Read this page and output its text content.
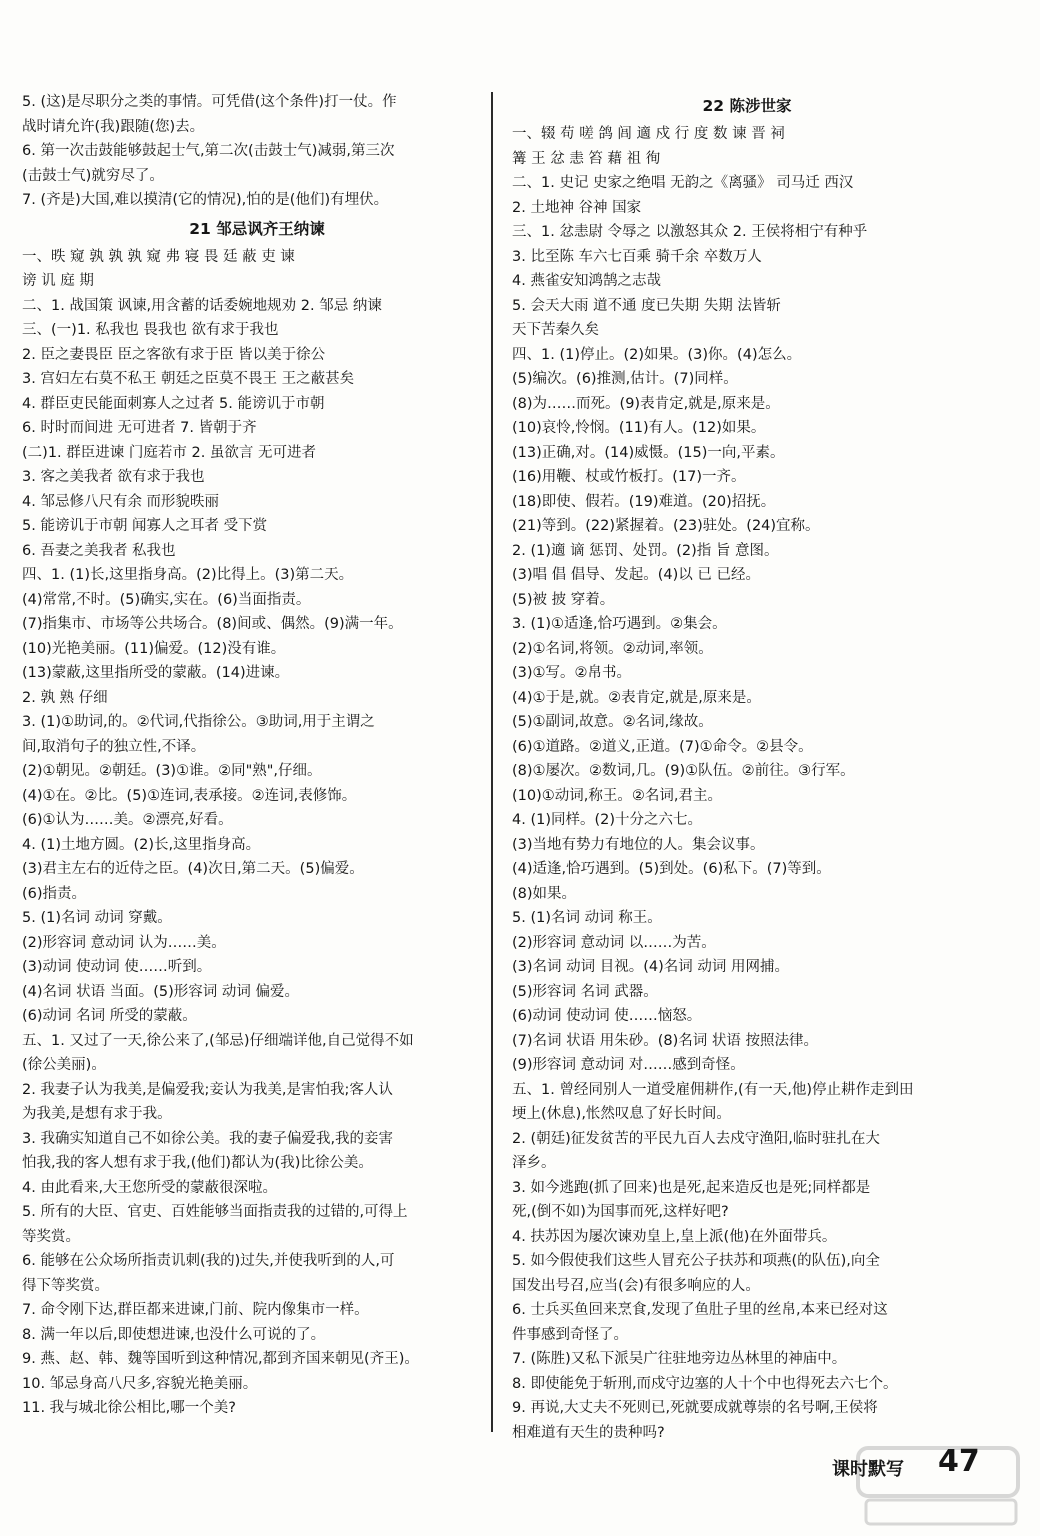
5. (这)是尽职分之类的事情。可凭借(这个条件)打一仗。作
战时请允许(我)跟随(您)去。
6. 第一次击鼓能够鼓起士气,第二次(击鼓士气)减弱,第三次
(击鼓士气)就穷尽了。
7. (齐是)大国,难以摸清(它的情况),怕的是(他们)有埋伏。
21 邹忌讽齐王纳谏
一、昳 窥 孰 孰 孰 窥 弗 寝 畏 廷 蔽 吏 谏
谤 讥 庭 期
二、1. 战国策 讽谏,用含蓄的话委婉地规劝 2. 邹忌 纳谏
三、(一)1. 私我也 畏我也 欲有求于我也
2. 臣之妻畏臣 臣之客欲有求于臣 皆以美于徐公
3. 宫妇左右莫不私王 朝廷之臣莫不畏王 王之蔽甚矣
4. 群臣吏民能面刺寡人之过者 5. 能谤讥于市朝
6. 时时而间进 无可进者 7. 皆朝于齐
(二)1. 群臣进谏 门庭若市 2. 虽欲言 无可进者
3. 客之美我者 欲有求于我也
4. 邹忌修八尺有余 而形貌昳丽
5. 能谤讥于市朝 闻寡人之耳者 受下赏
6. 吾妻之美我者 私我也
四、1. (1)长,这里指身高。(2)比得上。(3)第二天。
(4)常常,不时。(5)确实,实在。(6)当面指责。
(7)指集市、市场等公共场合。(8)间或、偶然。(9)满一年。
(10)光艳美丽。(11)偏爱。(12)没有谁。
(13)蒙蔽,这里指所受的蒙蔽。(14)进谏。
2. 孰 熟 仔细
3. (1)①助词,的。②代词,代指徐公。③助词,用于主谓之
间,取消句子的独立性,不译。
(2)①朝见。②朝廷。(3)①谁。②同"熟",仔细。
(4)①在。②比。(5)①连词,表承接。②连词,表修饰。
(6)①认为……美。②漂亮,好看。
4. (1)土地方圆。(2)长,这里指身高。
(3)君主左右的近侍之臣。(4)次日,第二天。(5)偏爱。
(6)指责。
5. (1)名词 动词 穿戴。
(2)形容词 意动词 认为……美。
(3)动词 使动词 使……听到。
(4)名词 状语 当面。(5)形容词 动词 偏爱。
(6)动词 名词 所受的蒙蔽。
五、1. 又过了一天,徐公来了,(邹忌)仔细端详他,自己觉得不如
(徐公美丽)。
2. 我妻子认为我美,是偏爱我;妾认为我美,是害怕我;客人认
为我美,是想有求于我。
3. 我确实知道自己不如徐公美。我的妻子偏爱我,我的妾害
怕我,我的客人想有求于我,(他们)都认为(我)比徐公美。
4. 由此看来,大王您所受的蒙蔽很深啦。
5. 所有的大臣、官吏、百姓能够当面指责我的过错的,可得上
等奖赏。
6. 能够在公众场所指责讥刺(我的)过失,并使我听到的人,可
得下等奖赏。
7. 命令刚下达,群臣都来进谏,门前、院内像集市一样。
8. 满一年以后,即使想进谏,也没什么可说的了。
9. 燕、赵、韩、魏等国听到这种情况,都到齐国来朝见(齐王)。
10. 邹忌身高八尺多,容貌光艳美丽。
11. 我与城北徐公相比,哪一个美?
22 陈涉世家
一、辍 苟 嗟 鸽 闾 適 戍 行 度 数 谏 晋 祠
篝 王 忿 恚 笞 藉 祖 徇
二、1. 史记 史家之绝唱 无韵之《离骚》 司马迁 西汉
2. 土地神 谷神 国家
三、1. 忿恚尉 令辱之 以激怒其众 2. 王侯将相宁有种乎
3. 比至陈 车六七百乘 骑千余 卒数万人
4. 燕雀安知鸿鹄之志哉
5. 会天大雨 道不通 度已失期 失期 法皆斩
天下苦秦久矣
四、1. (1)停止。(2)如果。(3)你。(4)怎么。
(5)编次。(6)推测,估计。(7)同样。
(8)为……而死。(9)表肯定,就是,原来是。
(10)哀怜,怜悯。(11)有人。(12)如果。
(13)正确,对。(14)威慑。(15)一向,平素。
(16)用鞭、杖或竹板打。(17)一齐。
(18)即使、假若。(19)难道。(20)招抚。
(21)等到。(22)紧握着。(23)驻处。(24)宜称。
2. (1)適 谪 惩罚、处罚。(2)指 旨 意图。
(3)唱 倡 倡导、发起。(4)以 已 已经。
(5)被 披 穿着。
3. (1)①适逢,恰巧遇到。②集会。
(2)①名词,将领。②动词,率领。
(3)①写。②帛书。
(4)①于是,就。②表肯定,就是,原来是。
(5)①副词,故意。②名词,缘故。
(6)①道路。②道义,正道。(7)①命令。②县令。
(8)①屡次。②数词,几。(9)①队伍。②前往。③行军。
(10)①动词,称王。②名词,君主。
4. (1)同样。(2)十分之六七。
(3)当地有势力有地位的人。集会议事。
(4)适逢,恰巧遇到。(5)到处。(6)私下。(7)等到。
(8)如果。
5. (1)名词 动词 称王。
(2)形容词 意动词 以……为苦。
(3)名词 动词 目视。(4)名词 动词 用网捕。
(5)形容词 名词 武器。
(6)动词 使动词 使……恼怒。
(7)名词 状语 用朱砂。(8)名词 状语 按照法律。
(9)形容词 意动词 对……感到奇怪。
五、1. 曾经同别人一道受雇佣耕作,(有一天,他)停止耕作走到田
埂上(休息),怅然叹息了好长时间。
2. (朝廷)征发贫苦的平民九百人去戍守渔阳,临时驻扎在大
泽乡。
3. 如今逃跑(抓了回来)也是死,起来造反也是死;同样都是
死,(倒不如)为国事而死,这样好吧?
4. 扶苏因为屡次谏劝皇上,皇上派(他)在外面带兵。
5. 如今假使我们这些人冒充公子扶苏和项燕(的队伍),向全
国发出号召,应当(会)有很多响应的人。
6. 士兵买鱼回来烹食,发现了鱼肚子里的丝帛,本来已经对这
件事感到奇怪了。
7. (陈胜)又私下派吴广往驻地旁边丛林里的神庙中。
8. 即使能免于斩刑,而戍守边塞的人十个中也得死去六七个。
9. 再说,大丈夫不死则已,死就要成就尊崇的名号啊,王侯将
相难道有天生的贵种吗?
课时默写 47
